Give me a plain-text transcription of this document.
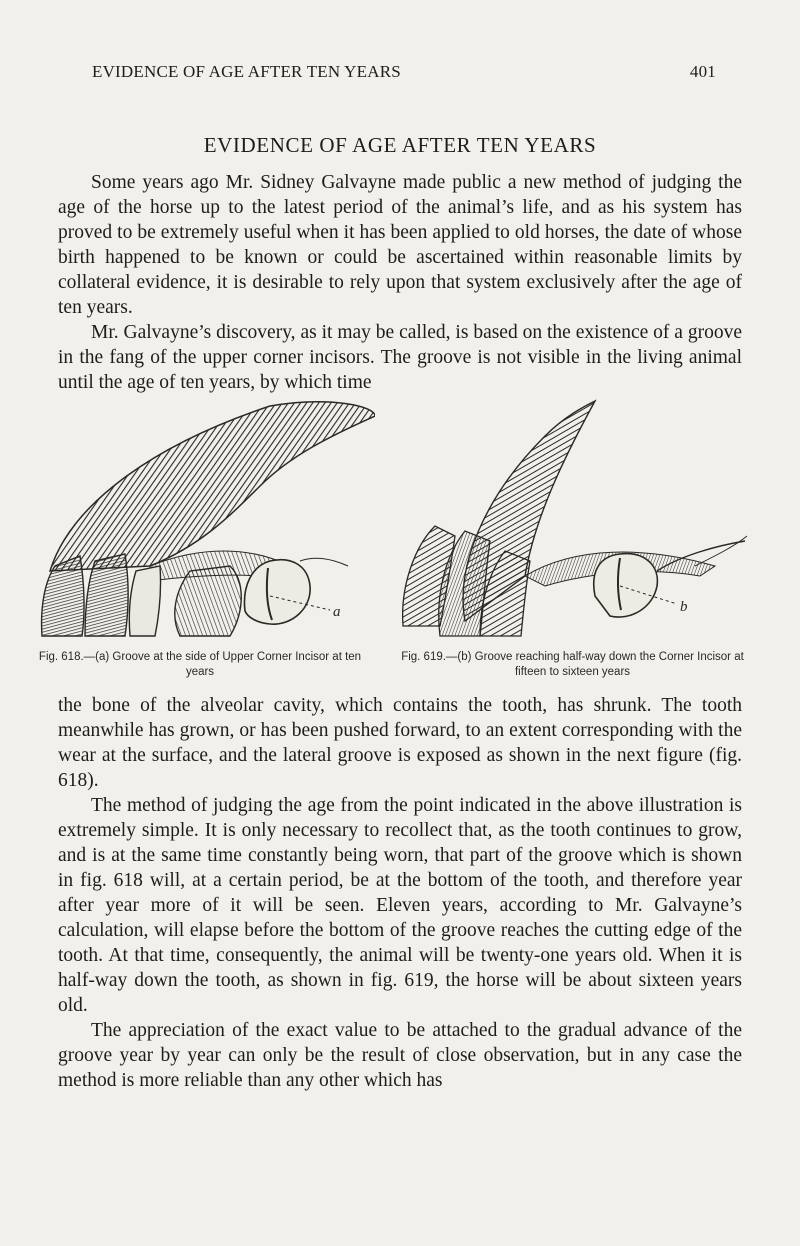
EVIDENCE OF AGE AFTER TEN YEARS	401
EVIDENCE OF AGE AFTER TEN YEARS

Some years ago Mr. Sidney Galvayne made public a new method of judging the age of the horse up to the latest period of the animal’s life, and as his system has proved to be extremely useful when it has been applied to old horses, the date of whose birth happened to be known or could be ascertained within reasonable limits by collateral evidence, it is desirable to rely upon that system exclusively after the age of ten years.

Mr. Galvayne’s discovery, as it may be called, is based on the existence of a groove in the fang of the upper corner incisors. The groove is not visible in the living animal until the age of ten years, by which time

a
Fig. 618.—(a) Groove at the side of Upper Corner Incisor at ten years
b
Fig. 619.—(b) Groove reaching half-way down the Corner Incisor at fifteen to sixteen years

the bone of the alveolar cavity, which contains the tooth, has shrunk. The tooth meanwhile has grown, or has been pushed forward, to an extent corresponding with the wear at the surface, and the lateral groove is exposed as shown in the next figure (fig. 618).

The method of judging the age from the point indicated in the above illustration is extremely simple. It is only necessary to recollect that, as the tooth continues to grow, and is at the same time constantly being worn, that part of the groove which is shown in fig. 618 will, at a certain period, be at the bottom of the tooth, and therefore year after year more of it will be seen. Eleven years, according to Mr. Galvayne’s calculation, will elapse before the bottom of the groove reaches the cutting edge of the tooth. At that time, consequently, the animal will be twenty-one years old. When it is half-way down the tooth, as shown in fig. 619, the horse will be about sixteen years old.

The appreciation of the exact value to be attached to the gradual advance of the groove year by year can only be the result of close observation, but in any case the method is more reliable than any other which has
